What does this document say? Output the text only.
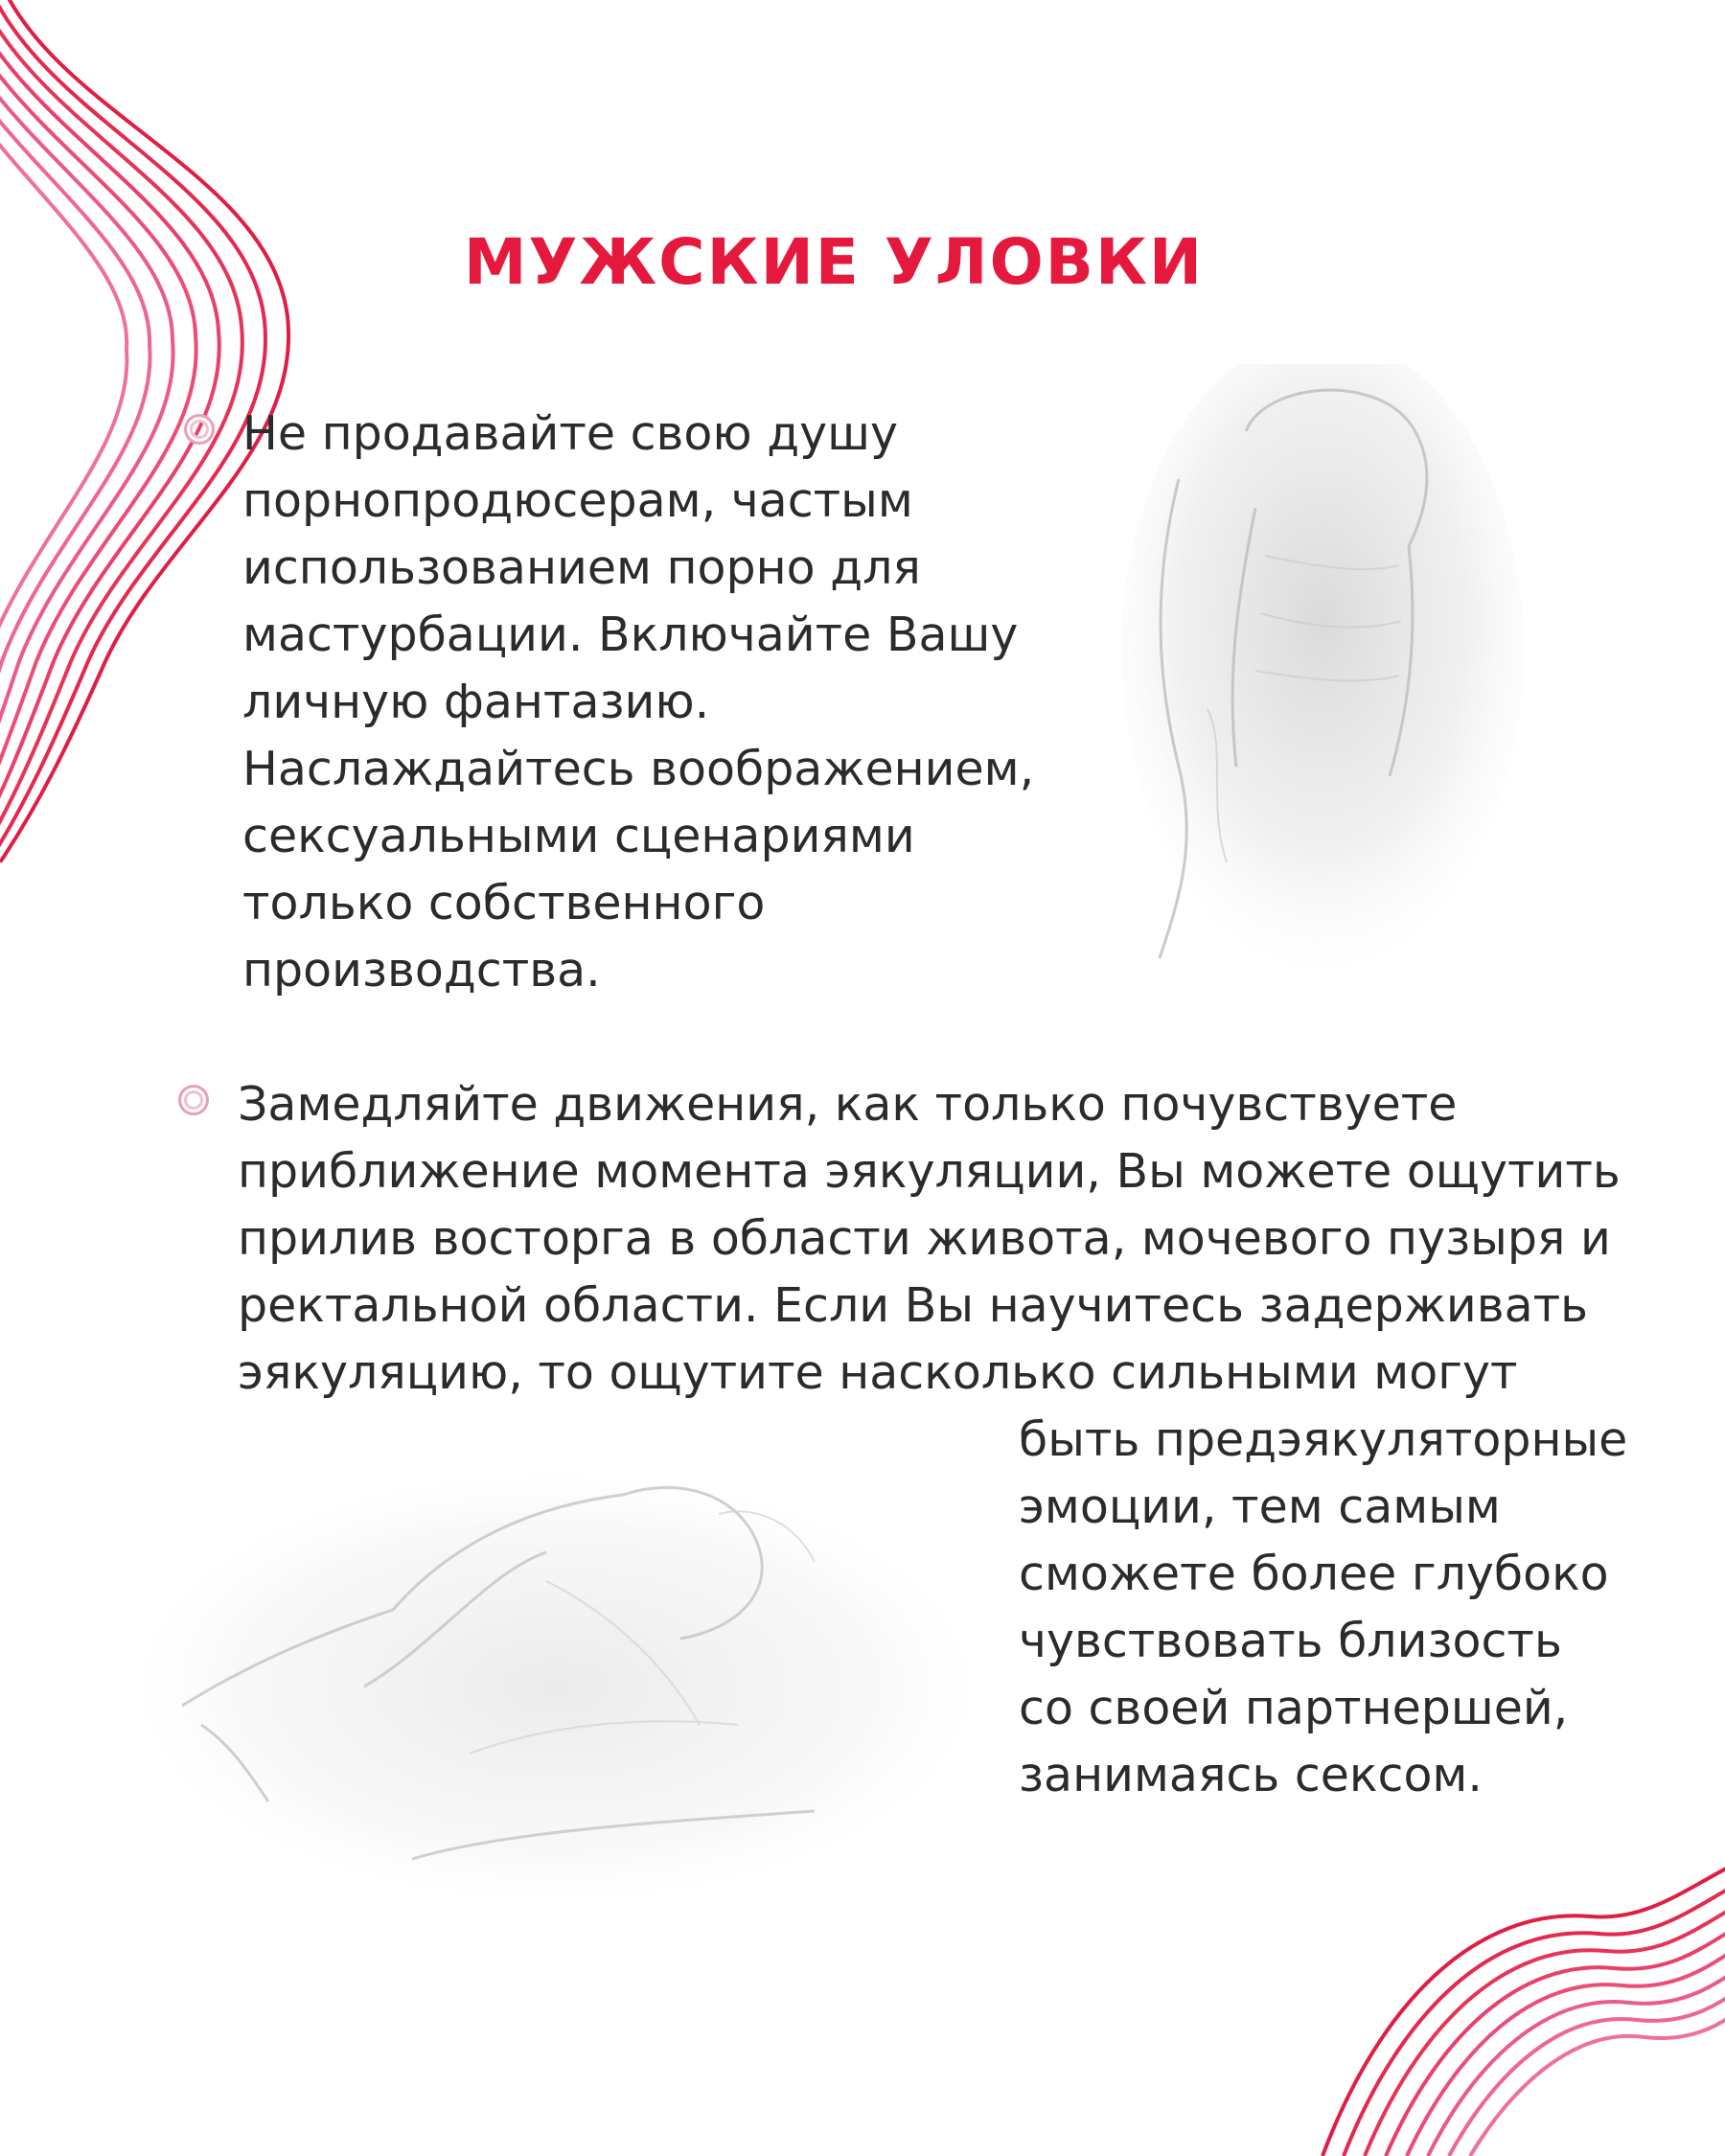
МУЖСКИЕ УЛОВКИ

Не продавайте свою душу
порнопродюсерам, частым
использованием порно для
мастурбации. Включайте Вашу
личную фантазию.
Наслаждайтесь воображением,
сексуальными сценариями
только собственного
производства.

Замедляйте движения, как только почувствуете
приближение момента эякуляции, Вы можете ощутить
прилив восторга в области живота, мочевого пузыря и
ректальной области. Если Вы научитесь задерживать
эякуляцию, то ощутите насколько сильными могут

быть предэякуляторные
эмоции, тем самым
сможете более глубоко
чувствовать близость
со своей партнершей,
занимаясь сексом.
